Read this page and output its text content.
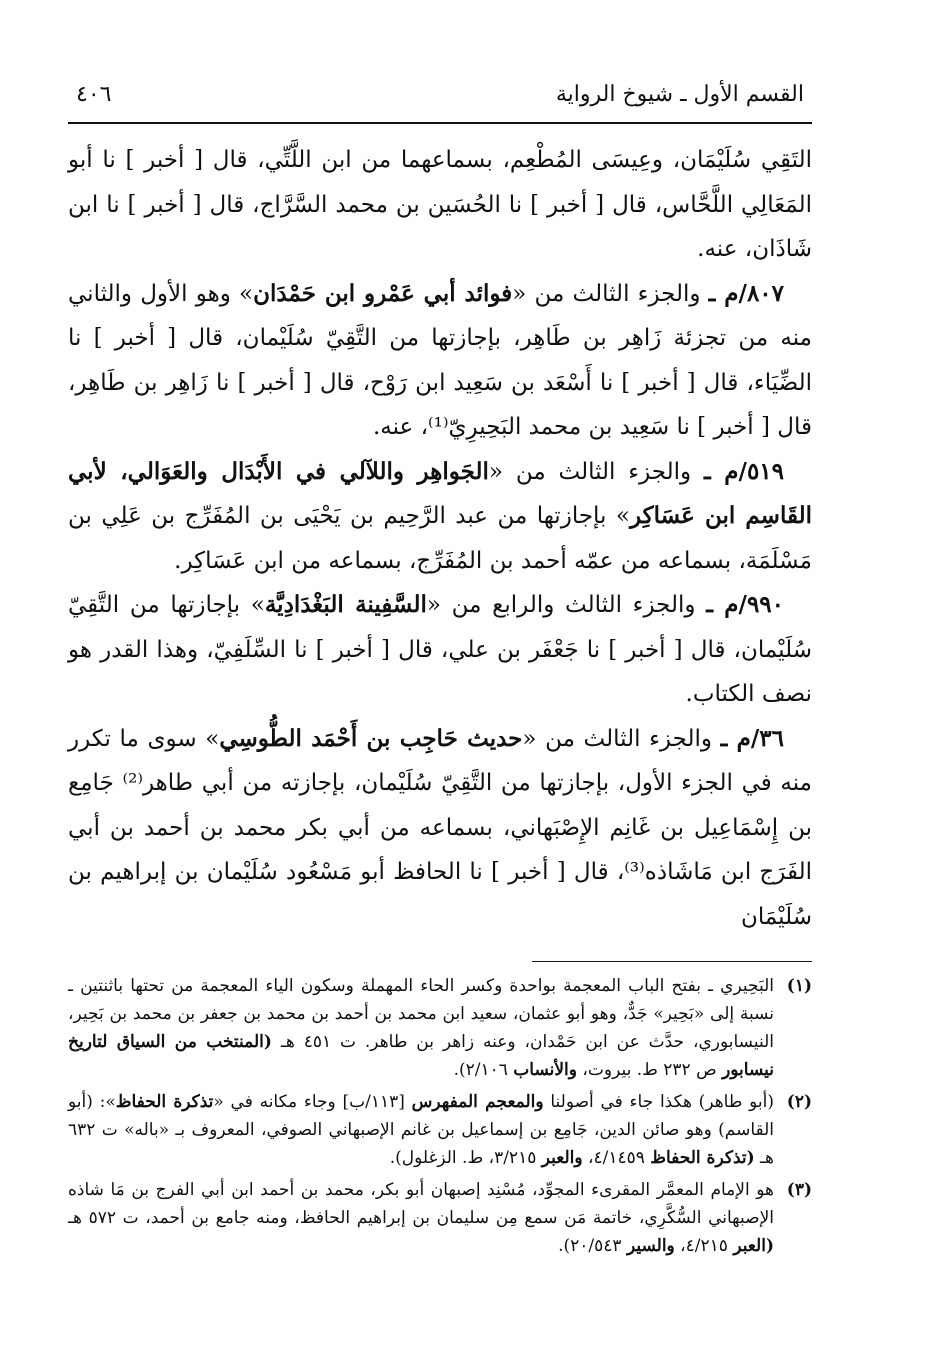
القسم الأول ـ شيوخ الرواية
٤٠٦

التَقِي سُلَيْمَان، وعِيسَى المُطْعِم، بسماعهما من ابن اللَّتِّي، قال [ أخبر ] نا أبو المَعَالِي اللَّحَّاس، قال [ أخبر ] نا الحُسَين بن محمد السَّرَّاج، قال [ أخبر ] نا ابن شَاذَان، عنه.

٨٠٧/م ـ والجزء الثالث من «فوائد أبي عَمْرو ابن حَمْدَان» وهو الأول والثاني منه من تجزئة زَاهِر بن طَاهِر، بإجازتها من التَّقِيّ سُلَيْمان، قال [ أخبر ] نا الضِّيَاء، قال [ أخبر ] نا أَسْعَد بن سَعِيد ابن رَوْح، قال [ أخبر ] نا زَاهِر بن طَاهِر، قال [ أخبر ] نا سَعِيد بن محمد البَحِيرِيّ⁽¹⁾، عنه.

٥١٩/م ـ والجزء الثالث من «الجَواهِر واللآلي في الأَبْدَال والعَوَالي، لأبي القَاسِم ابن عَسَاكِر» بإجازتها من عبد الرَّحِيم بن يَحْيَى بن المُفَرِّج بن عَلِي بن مَسْلَمَة، بسماعه من عمّه أحمد بن المُفَرِّج، بسماعه من ابن عَسَاكِر.

٩٩٠/م ـ والجزء الثالث والرابع من «السَّفِينة البَغْدَادِيَّة» بإجازتها من التَّقِيّ سُلَيْمان، قال [ أخبر ] نا جَعْفَر بن علي، قال [ أخبر ] نا السِّلَفِيّ، وهذا القدر هو نصف الكتاب.

٣٦/م ـ والجزء الثالث من «حديث حَاجِب بن أَحْمَد الطُّوسِي» سوى ما تكرر منه في الجزء الأول، بإجازتها من التَّقِيّ سُلَيْمان، بإجازته من أبي طاهر⁽²⁾ جَامِع بن إِسْمَاعِيل بن غَانِم الإِصْبَهاني، بسماعه من أبي بكر محمد بن أحمد بن أبي الفَرَج ابن مَاشَاذه⁽³⁾، قال [ أخبر ] نا الحافظ أبو مَسْعُود سُلَيْمان بن إبراهيم بن سُلَيْمَان

(١)
البَحِيري ـ بفتح الباب المعجمة بواحدة وكسر الحاء المهملة وسكون الياء المعجمة من تحتها باثنتين ـ نسبة إلى «بَحِير» جَدٌّ، وهو أبو عثمان، سعيد ابن محمد بن أحمد بن محمد بن جعفر بن محمد بن بَحِير، النيسابوري، حدَّث عن ابن حَمْدان، وعنه زاهر بن طاهر. ت ٤٥١ هـ (المنتخب من السياق لتاريخ نيسابور ص ٢٣٢ ط. بيروت، والأنساب ٢/١٠٦).
(٢)
(أبو طاهر) هكذا جاء في أصولنا والمعجم المفهرس [١١٣/ب] وجاء مكانه في «تذكرة الحفاظ»: (أبو القاسم) وهو صائن الدين، جَامِع بن إسماعيل بن غانم الإصبهاني الصوفي، المعروف بـ «باله» ت ٦٣٢ هـ (تذكرة الحفاظ ٤/١٤٥٩، والعبر ٣/٢١٥، ط. الزغلول).
(٣)
هو الإمام المعمَّر المقرىء المجوِّد، مُسْنِد إصبهان أبو بكر، محمد بن أحمد ابن أبي الفرج بن مَا شاذه الإصبهاني السُّكَّرِي، خاتمة مَن سمع مِن سليمان بن إبراهيم الحافظ، ومنه جامع بن أحمد، ت ٥٧٢ هـ (العبر ٤/٢١٥، والسير ٢٠/٥٤٣).
